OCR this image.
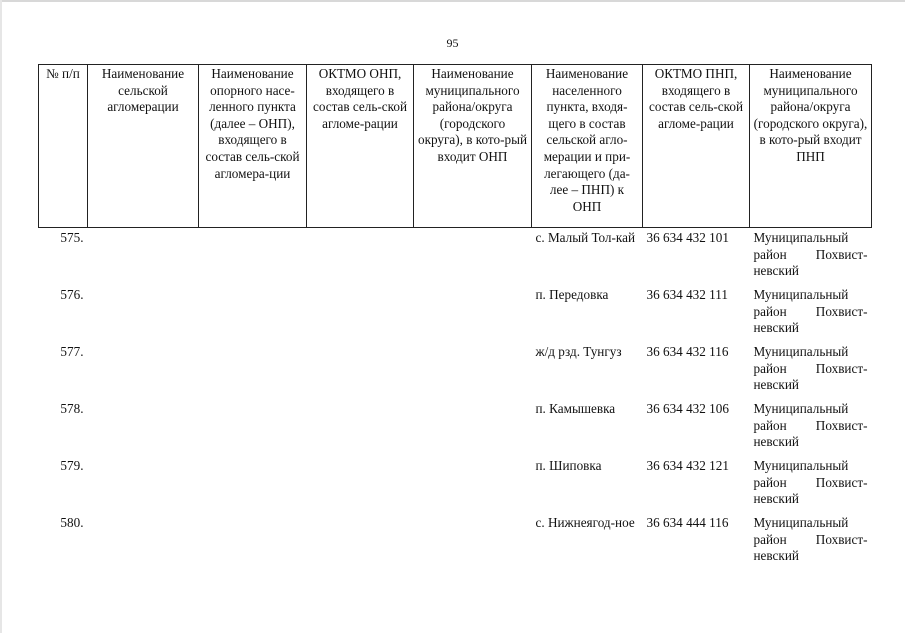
95
№ п/п	Наименование сельской агломерации	Наименование опорного насе-ленного пункта (далее – ОНП), входящего в состав сель-ской агломера-ции	ОКТМО ОНП, входящего в состав сель-ской агломе-рации	Наименование муниципального района/округа (городского округа), в кото-рый входит ОНП	Наименование населенного пункта, входя-щего в состав сельской агло-мерации и при-легающего (да-лее – ПНП) к ОНП	ОКТМО ПНП, входящего в состав сель-ской агломе-рации	Наименование муниципального района/округа (городского округа), в кото-рый входит ПНП
575.					с. Малый Тол-кай	36 634 432 101	Муниципальный район Похвист-невский
576.					п. Передовка	36 634 432 111	Муниципальный район Похвист-невский
577.					ж/д рзд. Тунгуз	36 634 432 116	Муниципальный район Похвист-невский
578.					п. Камышевка	36 634 432 106	Муниципальный район Похвист-невский
579.					п. Шиповка	36 634 432 121	Муниципальный район Похвист-невский
580.					с. Нижнеягод-ное	36 634 444 116	Муниципальный район Похвист-невский
